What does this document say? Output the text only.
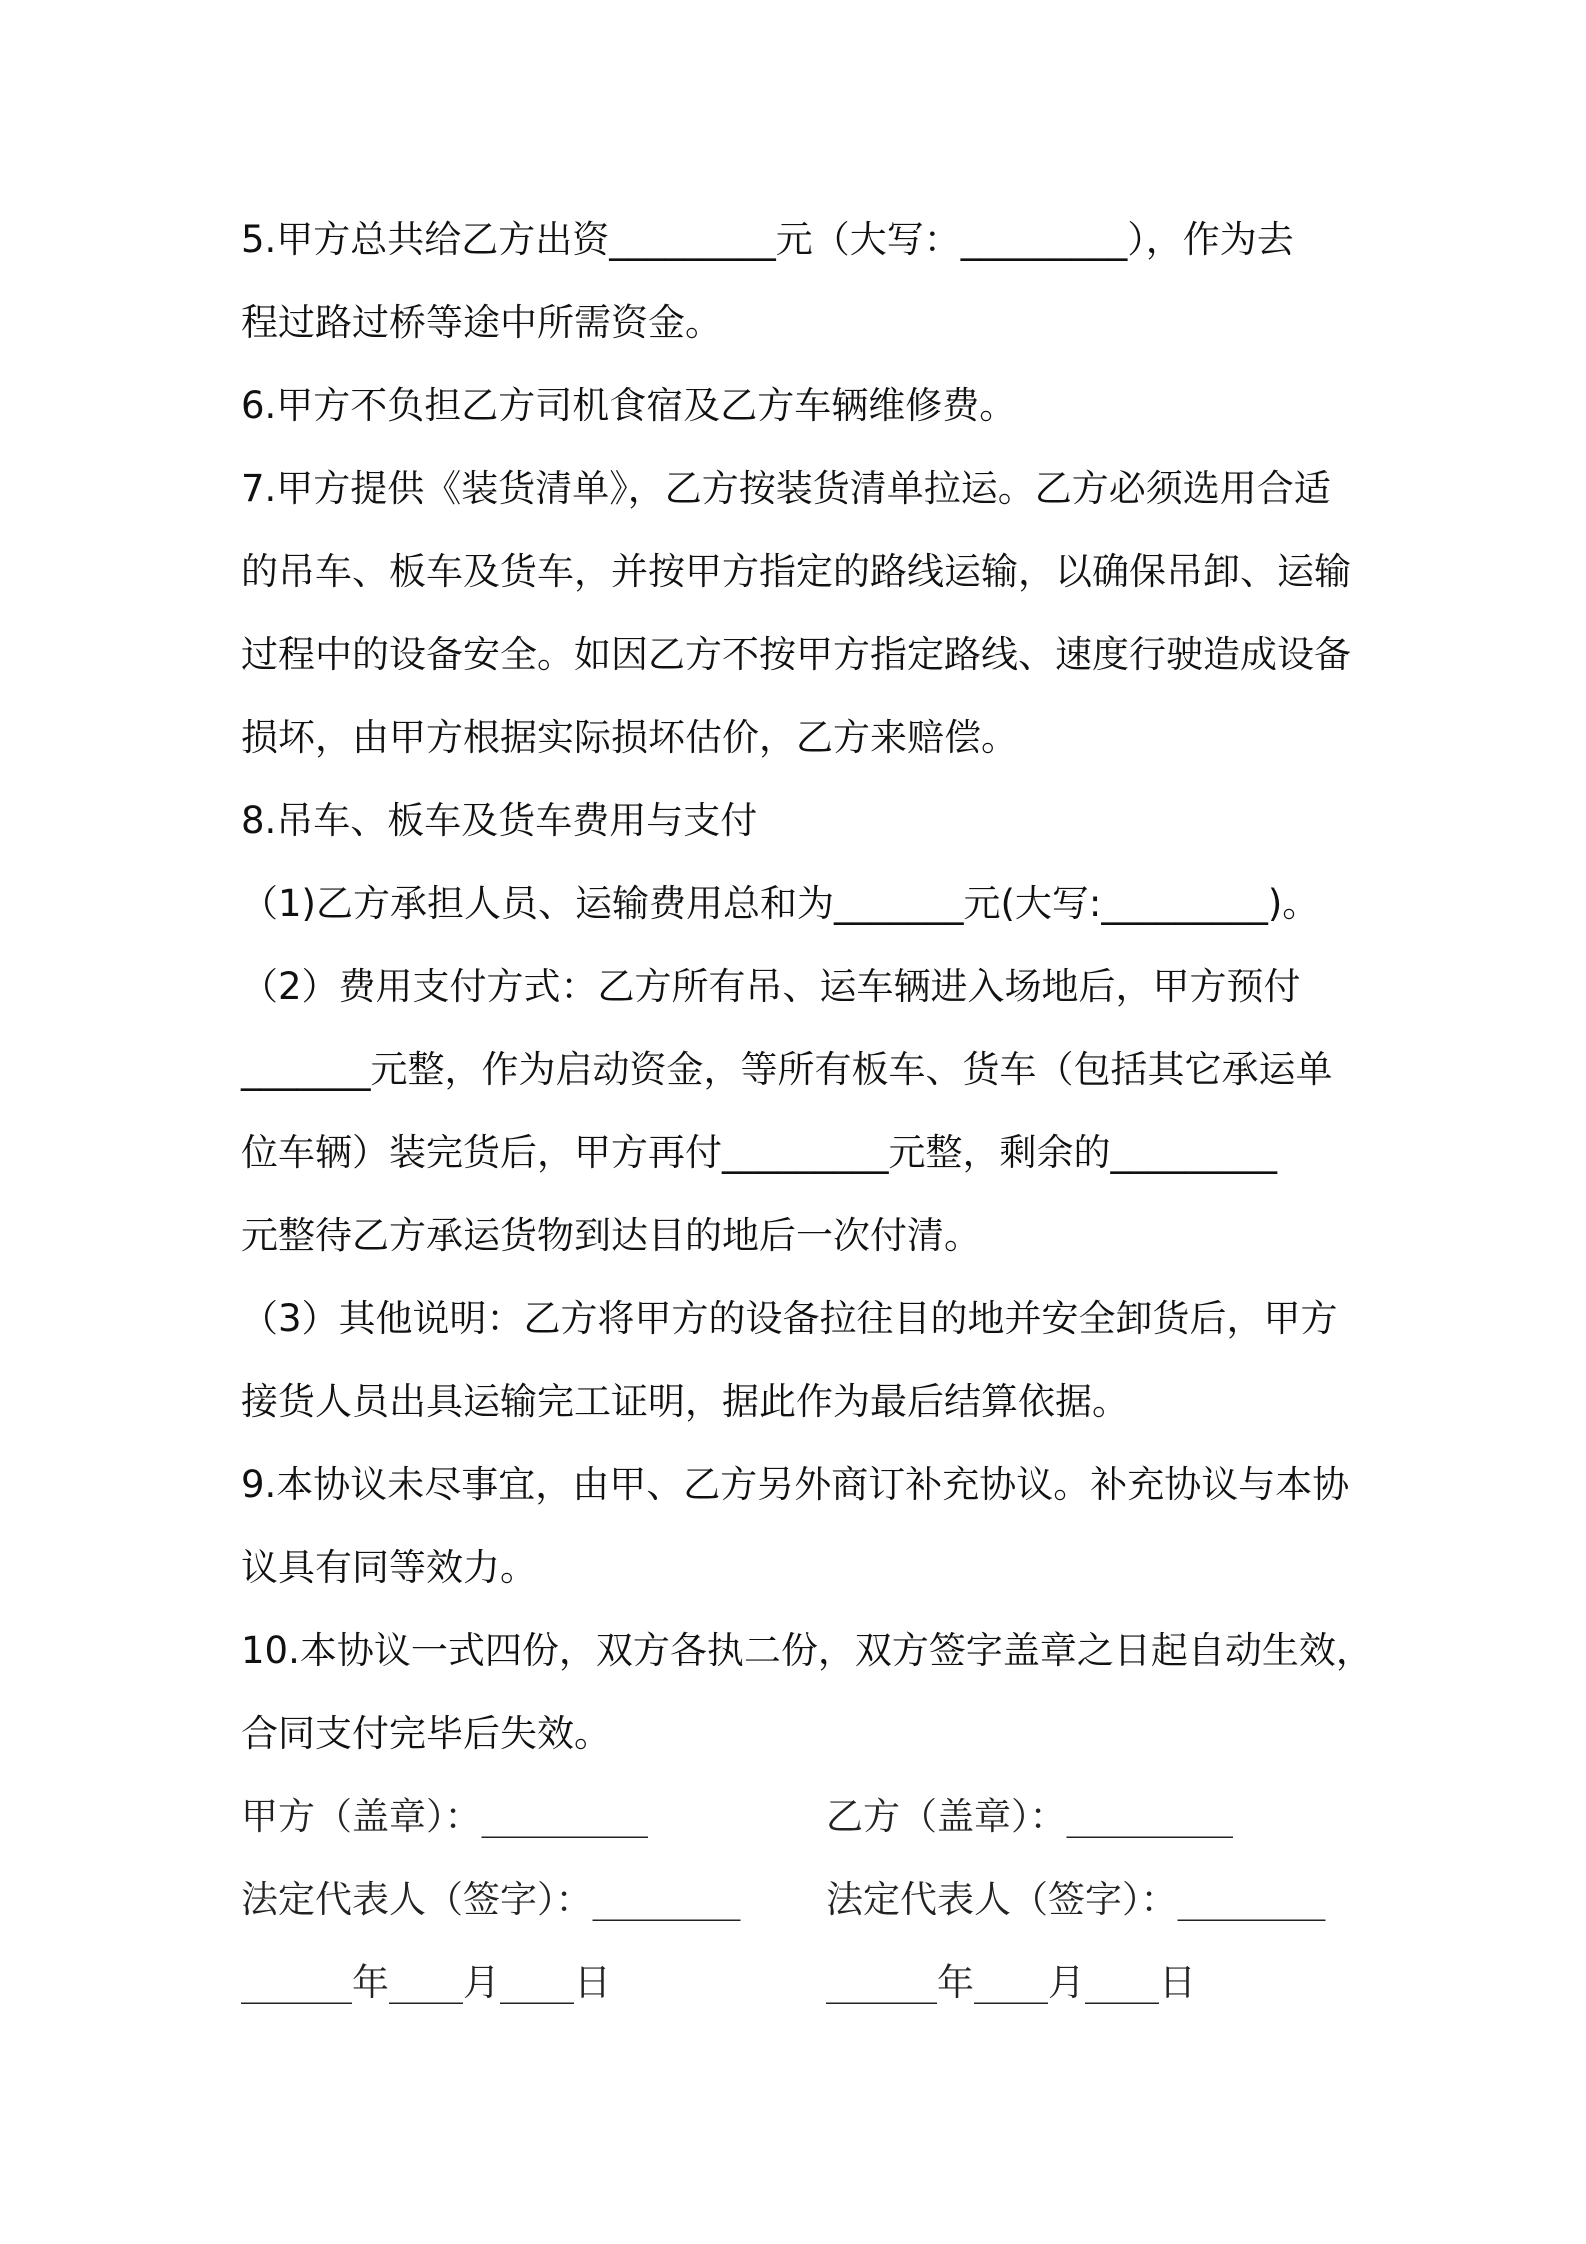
5.甲方总共给乙方出资_________元（大写：_________），作为去

程过路过桥等途中所需资金。

6.甲方不负担乙方司机食宿及乙方车辆维修费。

7.甲方提供《装货清单》，乙方按装货清单拉运。乙方必须选用合适

的吊车、板车及货车，并按甲方指定的路线运输，以确保吊卸、运输

过程中的设备安全。如因乙方不按甲方指定路线、速度行驶造成设备

损坏，由甲方根据实际损坏估价，乙方来赔偿。

8.吊车、板车及货车费用与支付

（1)乙方承担人员、运输费用总和为_______元(大写:_________)。

（2）费用支付方式：乙方所有吊、运车辆进入场地后，甲方预付

_______元整，作为启动资金，等所有板车、货车（包括其它承运单

位车辆）装完货后，甲方再付_________元整，剩余的_________

元整待乙方承运货物到达目的地后一次付清。

（3）其他说明：乙方将甲方的设备拉往目的地并安全卸货后，甲方

接货人员出具运输完工证明，据此作为最后结算依据。

9.本协议未尽事宜，由甲、乙方另外商订补充协议。补充协议与本协

议具有同等效力。

10.本协议一式四份，双方各执二份，双方签字盖章之日起自动生效，

合同支付完毕后失效。

甲方（盖章）：_________	乙方（盖章）：_________
法定代表人（签字）：________	法定代表人（签字）：________
______年____月____日	______年____月____日
